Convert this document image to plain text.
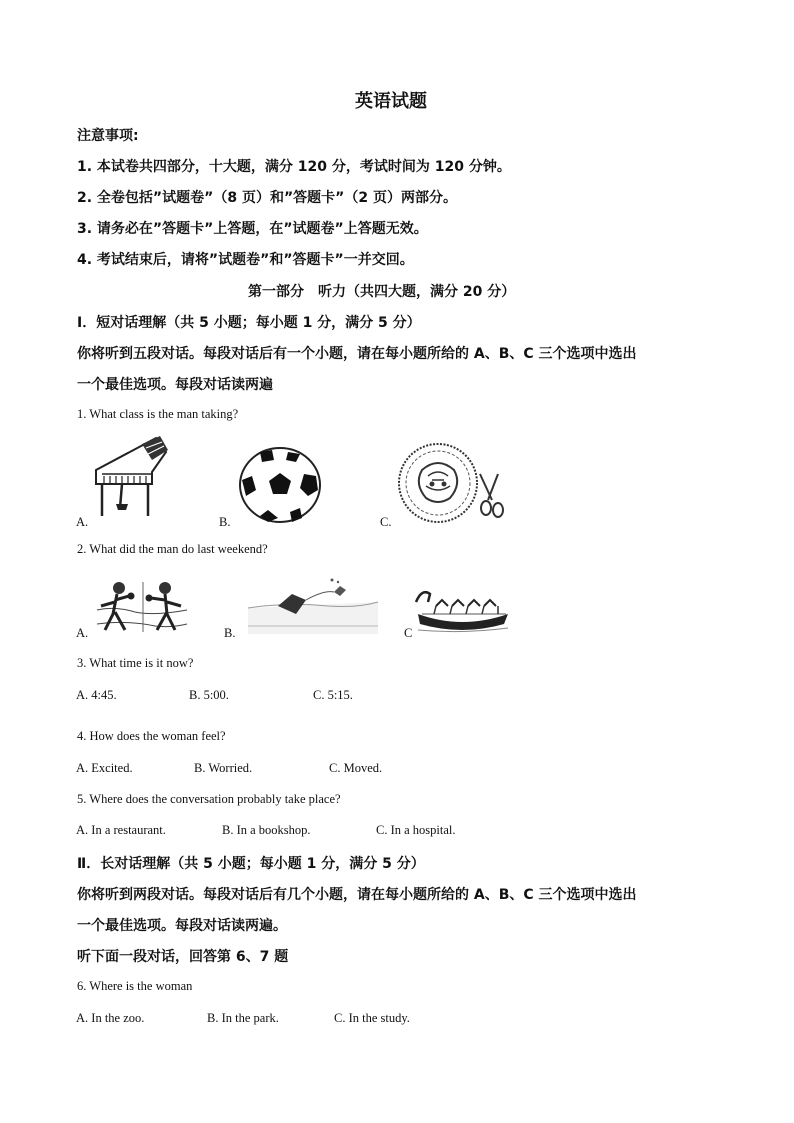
英语试题
注意事项:
1. 本试卷共四部分，十大题，满分 120 分，考试时间为 120 分钟。
2. 全卷包括”试题卷”（8 页）和”答题卡”（2 页）两部分。
3. 请务必在”答题卡”上答题，在”试题卷”上答题无效。
4. 考试结束后，请将”试题卷”和”答题卡”一并交回。
第一部分　听力（共四大题，满分 20 分）
Ⅰ．短对话理解（共 5 小题；每小题 1 分，满分 5 分）
你将听到五段对话。每段对话后有一个小题，请在每小题所给的 A、B、C 三个选项中选出
一个最佳选项。每段对话读两遍
1. What class is the man taking?
A.	B.	C.
2. What did the man do last weekend?
A.	B.	C
3. What time is it now?
A. 4:45.	B. 5:00.	C. 5:15.
4. How does the woman feel?
A. Excited.	B. Worried.	C. Moved.
5. Where does the conversation probably take place?
A. In a restaurant.	B. In a bookshop.	C. In a hospital.
Ⅱ．长对话理解（共 5 小题；每小题 1 分，满分 5 分）
你将听到两段对话。每段对话后有几个小题，请在每小题所给的 A、B、C 三个选项中选出
一个最佳选项。每段对话读两遍。
听下面一段对话，回答第 6、7 题
6. Where is the woman
A. In the zoo.	B. In the park.	C. In the study.
